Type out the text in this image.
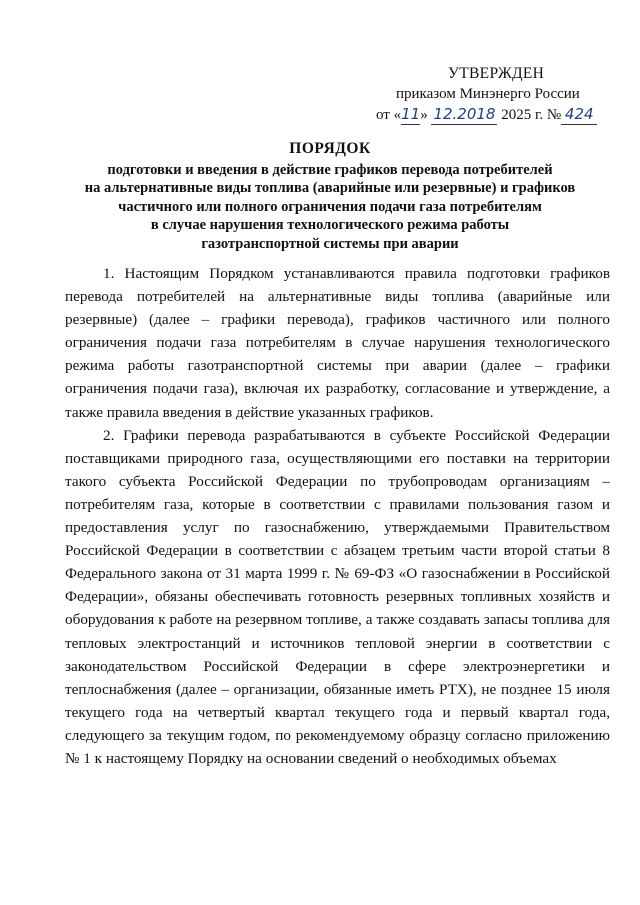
УТВЕРЖДЕН
приказом Минэнерго России
от «11» 12.2018 2025 г. № 424
ПОРЯДОК
подготовки и введения в действие графиков перевода потребителей
на альтернативные виды топлива (аварийные или резервные) и графиков
частичного или полного ограничения подачи газа потребителям
в случае нарушения технологического режима работы
газотранспортной системы при аварии

1. Настоящим Порядком устанавливаются правила подготовки графиков перевода потребителей на альтернативные виды топлива (аварийные или резервные) (далее – графики перевода), графиков частичного или полного ограничения подачи газа потребителям в случае нарушения технологического режима работы газотранспортной системы при аварии (далее – графики ограничения подачи газа), включая их разработку, согласование и утверждение, а также правила введения в действие указанных графиков.

2. Графики перевода разрабатываются в субъекте Российской Федерации поставщиками природного газа, осуществляющими его поставки на территории такого субъекта Российской Федерации по трубопроводам организациям – потребителям газа, которые в соответствии с правилами пользования газом и предоставления услуг по газоснабжению, утверждаемыми Правительством Российской Федерации в соответствии с абзацем третьим части второй статьи 8 Федерального закона от 31 марта 1999 г. № 69-ФЗ «О газоснабжении в Российской Федерации», обязаны обеспечивать готовность резервных топливных хозяйств и оборудования к работе на резервном топливе, а также создавать запасы топлива для тепловых электростанций и источников тепловой энергии в соответствии с законодательством Российской Федерации в сфере электроэнергетики и теплоснабжения (далее – организации, обязанные иметь РТХ), не позднее 15 июля текущего года на четвертый квартал текущего года и первый квартал года, следующего за текущим годом, по рекомендуемому образцу согласно приложению № 1 к настоящему Порядку на основании сведений о необходимых объемах
